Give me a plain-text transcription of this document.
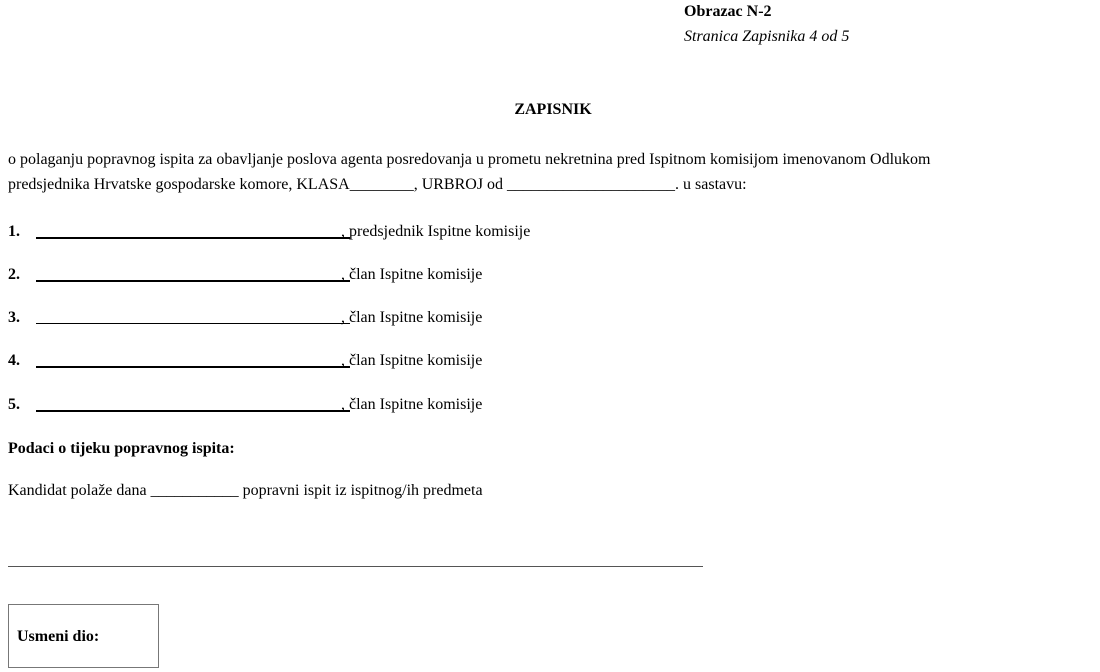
Obrazac N-2
Stranica Zapisnika 4 od 5
ZAPISNIK
o polaganju popravnog ispita za obavljanje poslova agenta posredovanja u prometu nekretnina pred Ispitnom komisijom imenovanom Odlukom
predsjednika Hrvatske gospodarske komore, KLASA________, URBROJ od _____________________. u sastavu:
1.	, predsjednik Ispitne komisije
2.	, član Ispitne komisije
3.	, član Ispitne komisije
4.	, član Ispitne komisije
5.	, član Ispitne komisije
Podaci o tijeku popravnog ispita:
Kandidat polaže dana ___________ popravni ispit iz ispitnog/ih predmeta
Usmeni dio:
